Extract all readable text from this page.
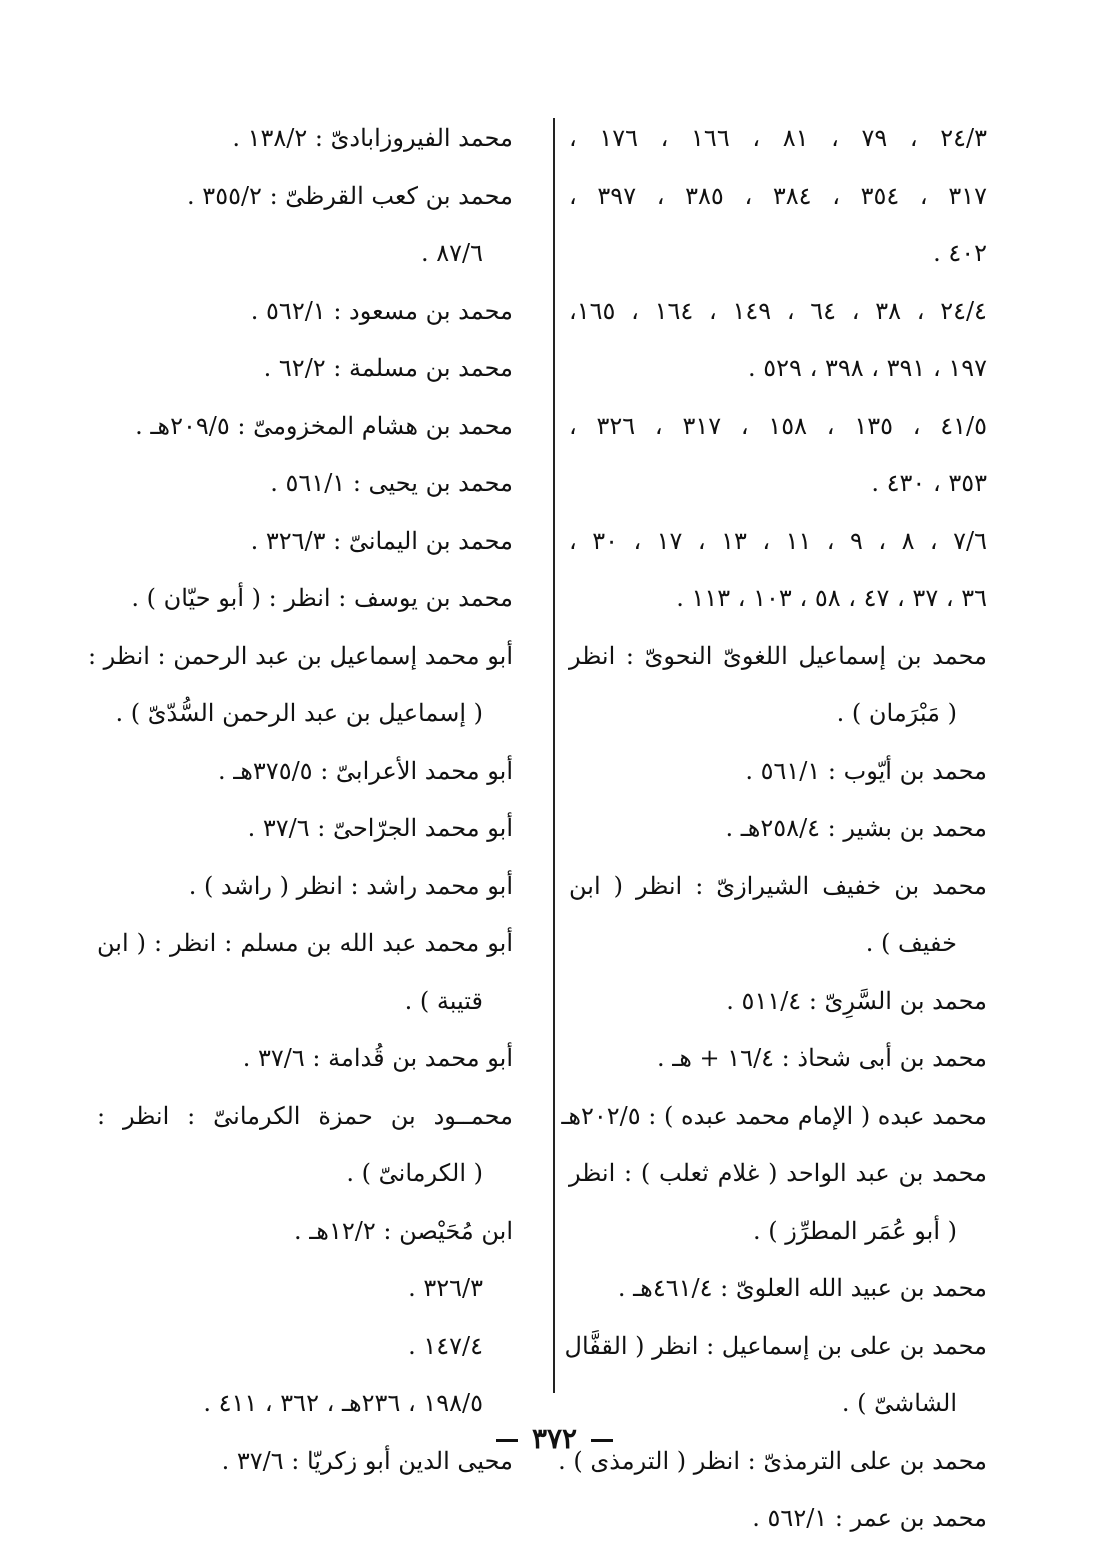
٢٤/٣ ، ٧٩ ، ٨١ ، ١٦٦ ، ١٧٦ ،
٣١٧ ، ٣٥٤ ، ٣٨٤ ، ٣٨٥ ، ٣٩٧ ،
٤٠٢ .
٢٤/٤ ، ٣٨ ، ٦٤ ، ١٤٩ ، ١٦٤ ، ١٦٥،
١٩٧ ، ٣٩١ ، ٣٩٨ ، ٥٢٩ .
٤١/٥ ، ١٣٥ ، ١٥٨ ، ٣١٧ ، ٣٢٦ ،
٣٥٣ ، ٤٣٠ .
٧/٦ ، ٨ ، ٩ ، ١١ ، ١٣ ، ١٧ ، ٣٠ ،
٣٦ ، ٣٧ ، ٤٧ ، ٥٨ ، ١٠٣ ، ١١٣ .
محمد بن إسماعيل اللغوىّ النحوىّ : انظر
( مَبْرَمان ) .
محمد بن أيّوب : ٥٦١/١ .
محمد بن بشير : ٢٥٨/٤هـ .
محمد بن خفيف الشيرازىّ : انظر ( ابن
خفيف ) .
محمد بن السَّرِىّ : ٥١١/٤ .
محمد بن أبى شحاذ : ١٦/٤ + هـ .
محمد عبده ( الإمام محمد عبده ) : ٢٠٢/٥هـ
محمد بن عبد الواحد ( غلام ثعلب ) : انظر
( أبو عُمَر المطرِّز ) .
محمد بن عبيد الله العلوىّ : ٤٦١/٤هـ .
محمد بن على بن إسماعيل : انظر ( القفَّال
الشاشىّ ) .
محمد بن على الترمذىّ : انظر ( الترمذى ) .
محمد بن عمر : ٥٦٢/١ .
محمد الفيروزابادىّ : ١٣٨/٢ .
محمد بن كعب القرظىّ : ٣٥٥/٢ .
٨٧/٦ .
محمد بن مسعود : ٥٦٢/١ .
محمد بن مسلمة : ٦٢/٢ .
محمد بن هشام المخزومىّ : ٢٠٩/٥هـ .
محمد بن يحيى : ٥٦١/١ .
محمد بن اليمانىّ : ٣٢٦/٣ .
محمد بن يوسف : انظر : ( أبو حيّان ) .
أبو محمد إسماعيل بن عبد الرحمن : انظر :
( إسماعيل بن عبد الرحمن السُّدّىّ ) .
أبو محمد الأعرابىّ : ٣٧٥/٥هـ .
أبو محمد الجرّاحىّ : ٣٧/٦ .
أبو محمد راشد : انظر ( راشد ) .
أبو محمد عبد الله بن مسلم : انظر : ( ابن
قتيبة ) .
أبو محمد بن قُدامة : ٣٧/٦ .
محمــود بن حمزة الكرمانىّ : انظر :
( الكرمانىّ ) .
ابن مُحَيْصن : ١٢/٢هـ .
٣٢٦/٣ .
١٤٧/٤ .
١٩٨/٥ ، ٢٣٦هـ ، ٣٦٢ ، ٤١١ .
محيى الدين أبو زكريّا : ٣٧/٦ .
٣٧٢
